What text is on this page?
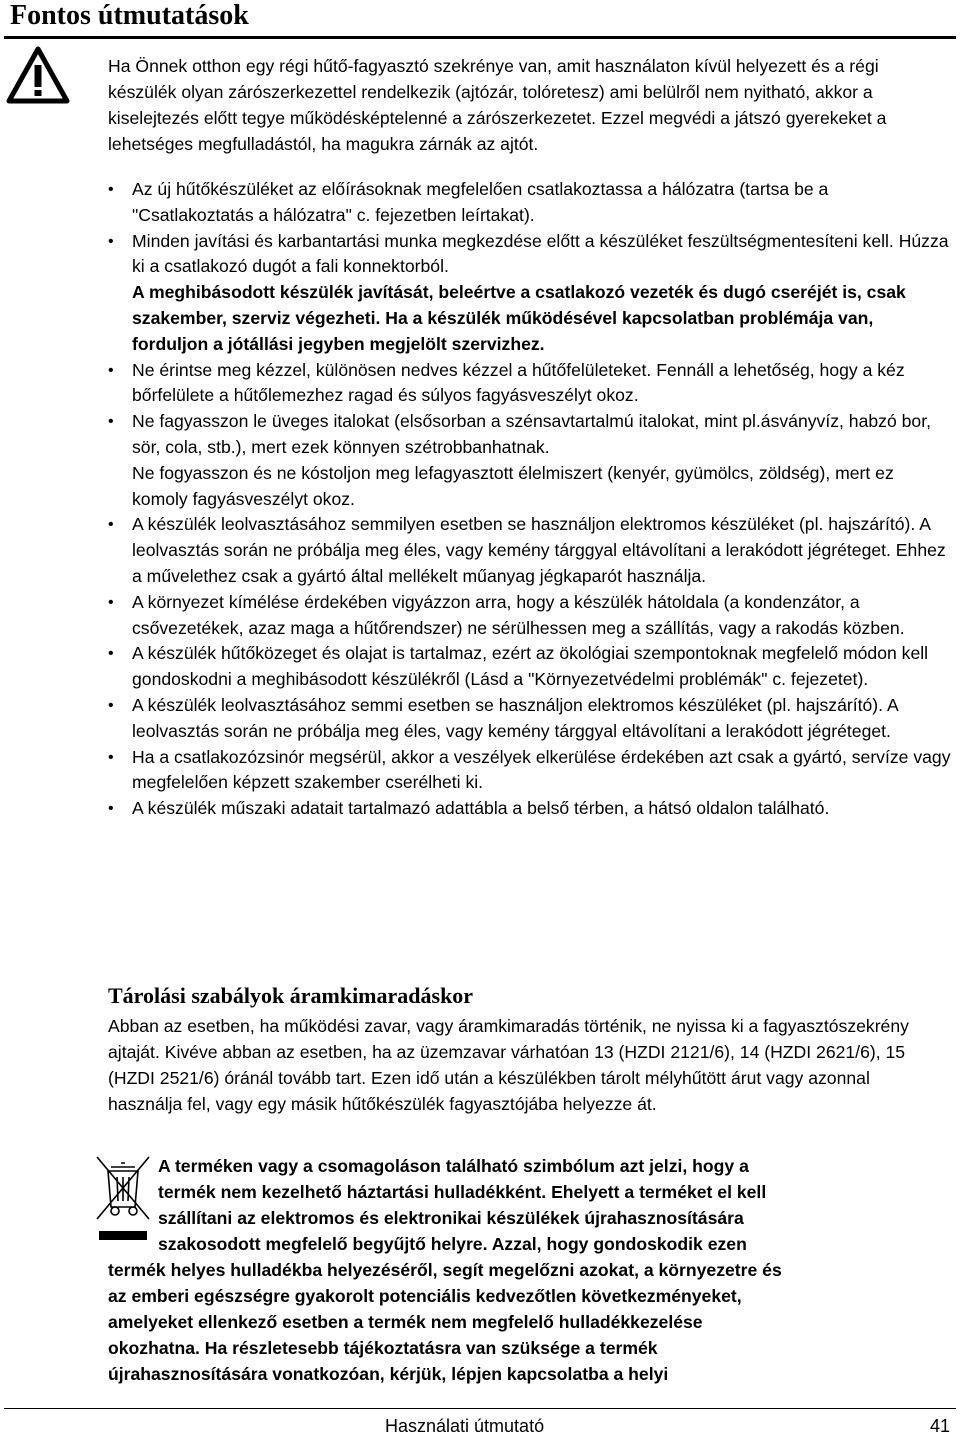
Fontos útmutatások

Ha Önnek otthon egy régi hűtő-fagyasztó szekrénye van, amit használaton kívül helyezett és a régi készülék olyan zárószerkezettel rendelkezik (ajtózár, tolóretesz) ami belülről nem nyitható, akkor a kiselejtezés előtt tegye működésképtelenné a zárószerkezetet. Ezzel megvédi a játszó gyerekeket a lehetséges megfulladástól, ha magukra zárnák az ajtót.

• Az új hűtőkészüléket az előírásoknak megfelelően csatlakoztassa a hálózatra (tartsa be a "Csatlakoztatás a hálózatra" c. fejezetben leírtakat).
• Minden javítási és karbantartási munka megkezdése előtt a készüléket feszültségmentesíteni kell. Húzza ki a csatlakozó dugót a fali konnektorból.
A meghibásodott készülék javítását, beleértve a csatlakozó vezeték és dugó cseréjét is, csak szakember, szerviz végezheti. Ha a készülék működésével kapcsolatban problémája van, forduljon a jótállási jegyben megjelölt szervizhez.
• Ne érintse meg kézzel, különösen nedves kézzel a hűtőfelületeket. Fennáll a lehetőség, hogy a kéz bőrfelülete a hűtőlemezhez ragad és súlyos fagyásveszélyt okoz.
• Ne fagyasszon le üveges italokat (elsősorban a szénsavtartalmú italokat, mint pl.ásványvíz, habzó bor, sör, cola, stb.), mert ezek könnyen szétrobbanhatnak.
Ne fogyasszon és ne kóstoljon meg lefagyasztott élelmiszert (kenyér, gyümölcs, zöldség), mert ez komoly fagyásveszélyt okoz.
• A készülék leolvasztásához semmilyen esetben se használjon elektromos készüléket (pl. hajszárító). A leolvasztás során ne próbálja meg éles, vagy kemény tárggyal eltávolítani a lerakódott jégréteget. Ehhez a művelethez csak a gyártó által mellékelt műanyag jégkaparót használja.
• A környezet kímélése érdekében vigyázzon arra, hogy a készülék hátoldala (a kondenzátor, a csővezetékek, azaz maga a hűtőrendszer) ne sérülhessen meg a szállítás, vagy a rakodás közben.
• A készülék hűtőközeget és olajat is tartalmaz, ezért az ökológiai szempontoknak megfelelő módon kell gondoskodni a meghibásodott készülékről (Lásd a "Környezetvédelmi problémák" c. fejezetet).
• A készülék leolvasztásához semmi esetben se használjon elektromos készüléket (pl. hajszárító). A leolvasztás során ne próbálja meg éles, vagy kemény tárggyal eltávolítani a lerakódott jégréteget.
• Ha a csatlakozózsinór megsérül, akkor a veszélyek elkerülése érdekében azt csak a gyártó, servíze vagy megfelelően képzett szakember cserélheti ki.
• A készülék műszaki adatait tartalmazó adattábla a belső térben, a hátsó oldalon található.
Tárolási szabályok áramkimaradáskor

Abban az esetben, ha működési zavar, vagy áramkimaradás történik, ne nyissa ki a fagyasztószekrény ajtaját. Kivéve abban az esetben, ha az üzemzavar várhatóan 13 (HZDI 2121/6), 14 (HZDI 2621/6), 15 (HZDI 2521/6) óránál tovább tart. Ezen idő után a készülékben tárolt mélyhűtött árut vagy azonnal használja fel, vagy egy másik hűtőkészülék fagyasztójába helyezze át.

A terméken vagy a csomagoláson található szimbólum azt jelzi, hogy a
termék nem kezelhető háztartási hulladékként. Ehelyett a terméket el kell
szállítani az elektromos és elektronikai készülékek újrahasznosítására
szakosodott megfelelő begyűjtő helyre. Azzal, hogy gondoskodik ezen
termék helyes hulladékba helyezéséről, segít megelőzni azokat, a környezetre és
az emberi egészségre gyakorolt potenciális kedvezőtlen következményeket,
amelyeket ellenkező esetben a termék nem megfelelő hulladékkezelése
okozhatna. Ha részletesebb tájékoztatásra van szüksége a termék
újrahasznosítására vonatkozóan, kérjük, lépjen kapcsolatba a helyi
Használati útmutató	41
